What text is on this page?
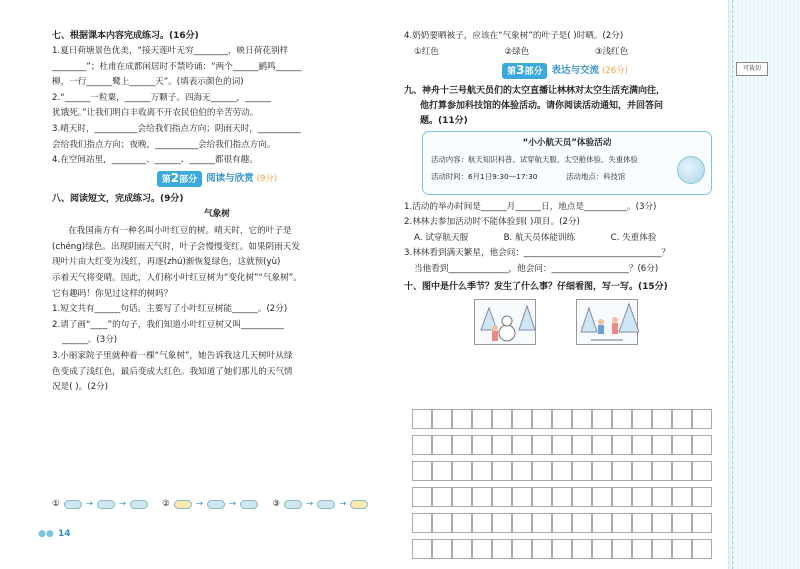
可裁切
七、根据课本内容完成练习。(16分)
1.夏日荷塘景色优美，“接天莲叶无穷________，映日荷花别样
________”；杜甫在成都闲居时不禁吟诵：“两个______鹂鸣______
柳，一行______鹭上______天”。(填表示颜色的词)
2.“______一粒粟，______万颗子。四海无______，______
犹饿死。”让我们明白丰收离不开农民伯伯的辛苦劳动。
3.晴天时，__________会给我们指点方向；阴雨天时，__________
会给我们指点方向；夜晚，__________会给我们指点方向。
4.在空间站里，________、______、______都很有趣。
第2部分 阅读与欣赏 (9分)
八、阅读短文，完成练习。(9分)
气象树
在我国南方有一种名叫小叶红豆的树。晴天时，它的叶子是
(chéng)绿色。出现阴雨天气时，叶子会慢慢变红。如果阴雨天发
现叶片由大红变为浅红，再逐(zhú)渐恢复绿色，这就预(yù)
示着天气将变晴。因此，人们称小叶红豆树为“变化树”“气象树”。
它有趣吗！你见过这样的树吗？
1.短文共有______句话。主要写了小叶红豆树能______。(2分)
2.请了画“____”的句子，我们知道小叶红豆树又叫__________
______。(3分)
3.小丽家院子里就种着一棵“气象树”，她告诉我这几天树叶从绿
色变成了浅红色，最后变成大红色。我知道了她们那儿的天气情
况是( )。(2分)
①	→	→	②	→	→	③	→	→
●● 14
4.奶奶要晒被子，应该在“气象树”的叶子是( )时晒。(2分)
①红色	②绿色	③浅红色
第3部分 表达与交流 (26分)
九、神舟十三号航天员们的太空直播让林林对太空生活充满向往，
他打算参加科技馆的体验活动。请你阅读活动通知，并回答问
题。(11分)
“小小航天员”体验活动
活动内容：航天知识科普、试穿航天服、太空舱体验、失重体验
活动时间：6月1日9:30—17:30	活动地点：科技馆
1.活动的举办时间是______月______日，地点是__________。(3分)
2.林林去参加活动时不能体验到( )项目。(2分)
A. 试穿航天服	B. 航天员体能训练	C. 失重体验
3.林林看到满天繁星，他会问：________________________________？
当他看到______________，他会问：__________________？(6分)
十、图中是什么季节？发生了什么事？仔细看图，写一写。(15分)
